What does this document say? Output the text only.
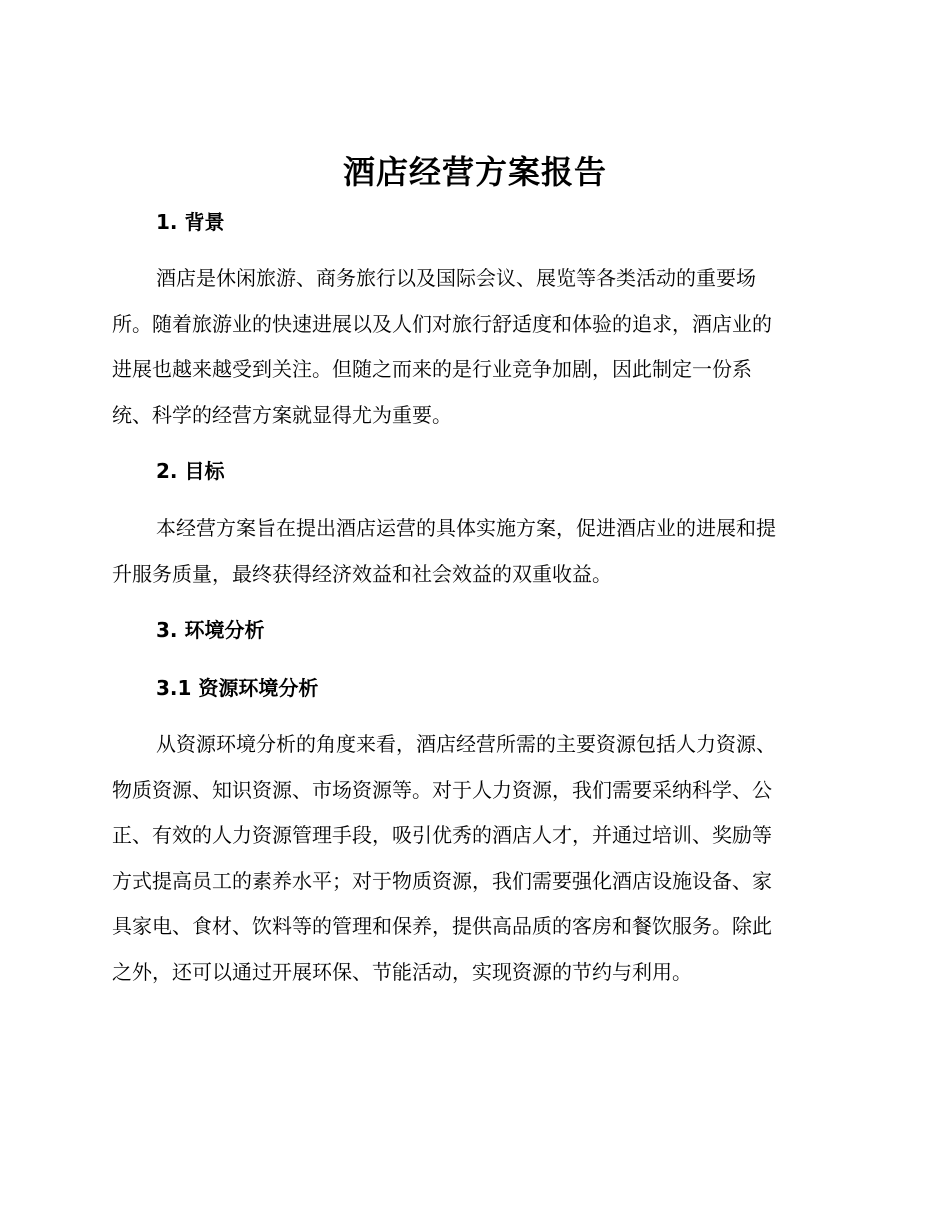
酒店经营方案报告
1. 背景
酒店是休闲旅游、商务旅行以及国际会议、展览等各类活动的重要场
所。随着旅游业的快速进展以及人们对旅行舒适度和体验的追求，酒店业的
进展也越来越受到关注。但随之而来的是行业竞争加剧，因此制定一份系
统、科学的经营方案就显得尤为重要。
2. 目标
本经营方案旨在提出酒店运营的具体实施方案，促进酒店业的进展和提
升服务质量，最终获得经济效益和社会效益的双重收益。
3. 环境分析
3.1 资源环境分析
从资源环境分析的角度来看，酒店经营所需的主要资源包括人力资源、
物质资源、知识资源、市场资源等。对于人力资源，我们需要采纳科学、公
正、有效的人力资源管理手段，吸引优秀的酒店人才，并通过培训、奖励等
方式提高员工的素养水平；对于物质资源，我们需要强化酒店设施设备、家
具家电、食材、饮料等的管理和保养，提供高品质的客房和餐饮服务。除此
之外，还可以通过开展环保、节能活动，实现资源的节约与利用。
